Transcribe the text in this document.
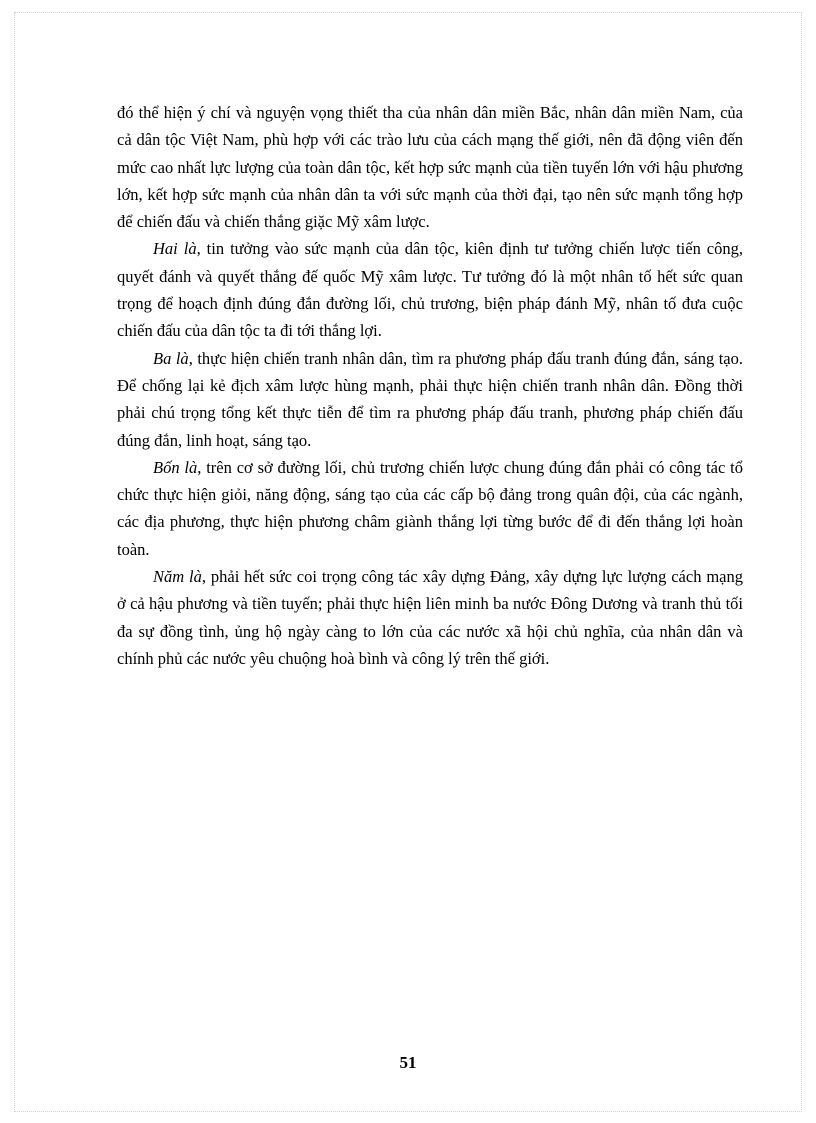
đó thể hiện ý chí và nguyện vọng thiết tha của nhân dân miền Bắc, nhân dân miền Nam, của cả dân tộc Việt Nam, phù hợp với các trào lưu của cách mạng thế giới, nên đã động viên đến mức cao nhất lực lượng của toàn dân tộc, kết hợp sức mạnh của tiền tuyến lớn với hậu phương lớn, kết hợp sức mạnh của nhân dân ta với sức mạnh của thời đại, tạo nên sức mạnh tổng hợp để chiến đấu và chiến thắng giặc Mỹ xâm lược.

Hai là, tin tưởng vào sức mạnh của dân tộc, kiên định tư tưởng chiến lược tiến công, quyết đánh và quyết thắng đế quốc Mỹ xâm lược. Tư tưởng đó là một nhân tố hết sức quan trọng để hoạch định đúng đắn đường lối, chủ trương, biện pháp đánh Mỹ, nhân tố đưa cuộc chiến đấu của dân tộc ta đi tới thắng lợi.

Ba là, thực hiện chiến tranh nhân dân, tìm ra phương pháp đấu tranh đúng đắn, sáng tạo. Để chống lại kẻ địch xâm lược hùng mạnh, phải thực hiện chiến tranh nhân dân. Đồng thời phải chú trọng tổng kết thực tiễn để tìm ra phương pháp đấu tranh, phương pháp chiến đấu đúng đắn, linh hoạt, sáng tạo.

Bốn là, trên cơ sở đường lối, chủ trương chiến lược chung đúng đắn phải có công tác tổ chức thực hiện giỏi, năng động, sáng tạo của các cấp bộ đảng trong quân đội, của các ngành, các địa phương, thực hiện phương châm giành thắng lợi từng bước để đi đến thắng lợi hoàn toàn.

Năm là, phải hết sức coi trọng công tác xây dựng Đảng, xây dựng lực lượng cách mạng ở cả hậu phương và tiền tuyến; phải thực hiện liên minh ba nước Đông Dương và tranh thủ tối đa sự đồng tình, ủng hộ ngày càng to lớn của các nước xã hội chủ nghĩa, của nhân dân và chính phủ các nước yêu chuộng hoà bình và công lý trên thế giới.

51
